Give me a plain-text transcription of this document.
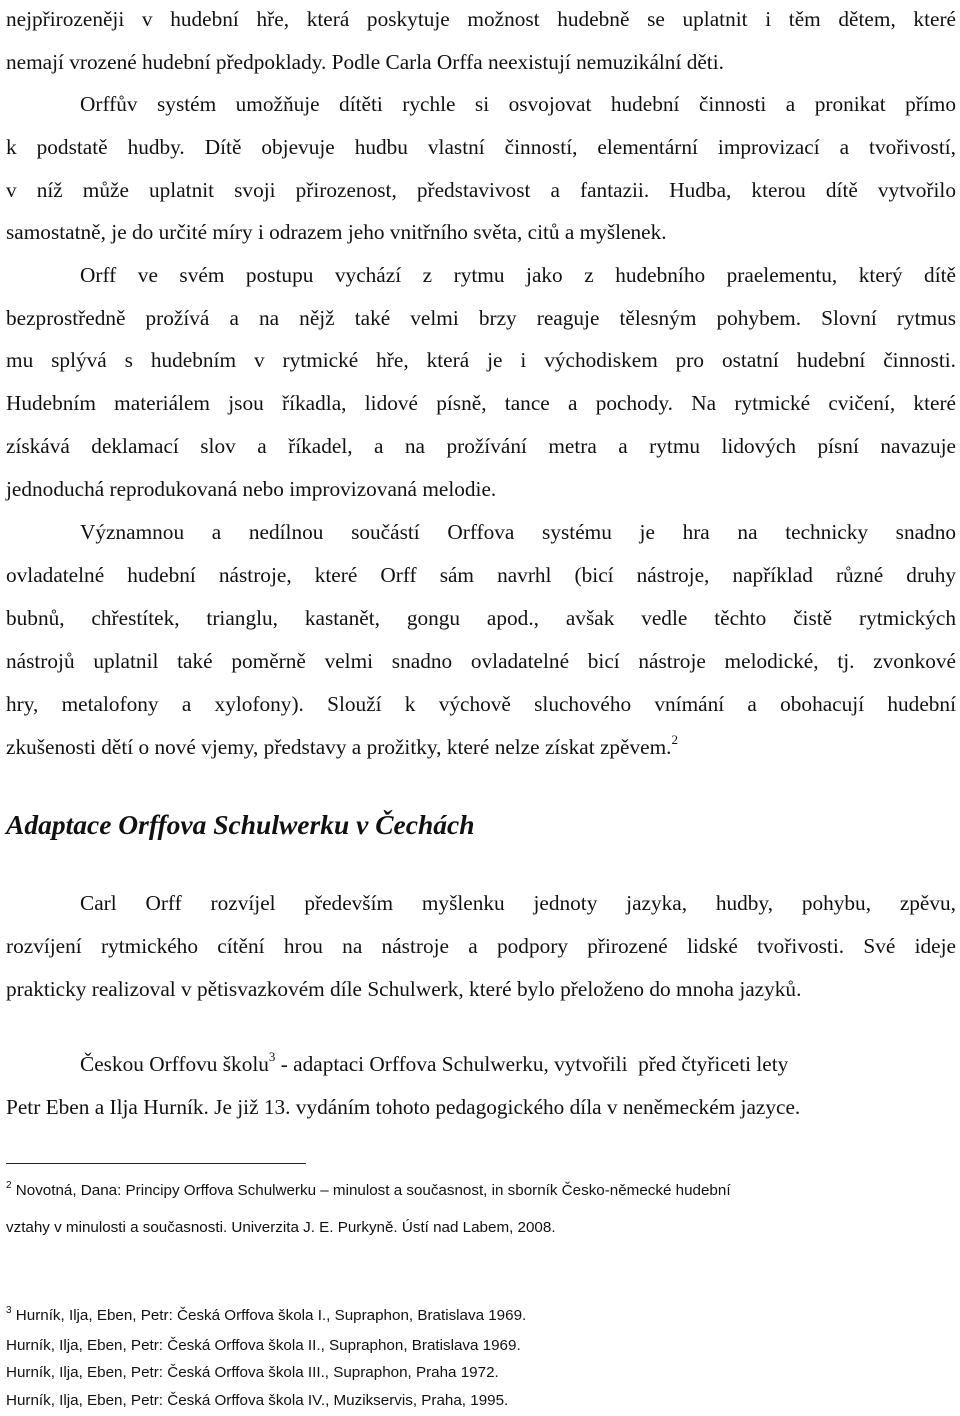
nejpřirozeněji v hudební hře, která poskytuje možnost hudebně se uplatnit i těm dětem, které
nemají vrozené hudební předpoklady. Podle Carla Orffa neexistují nemuzikální děti.
Orffův systém umožňuje dítěti rychle si osvojovat hudební činnosti a pronikat přímo
k podstatě hudby. Dítě objevuje hudbu vlastní činností, elementární improvizací a tvořivostí,
v níž může uplatnit svoji přirozenost, představivost a fantazii. Hudba, kterou dítě vytvořilo
samostatně, je do určité míry i odrazem jeho vnitřního světa, citů a myšlenek.
Orff ve svém postupu vychází z rytmu jako z hudebního praelementu, který dítě
bezprostředně prožívá a na nějž také velmi brzy reaguje tělesným pohybem. Slovní rytmus
mu splývá s hudebním v rytmické hře, která je i východiskem pro ostatní hudební činnosti.
Hudebním materiálem jsou říkadla, lidové písně, tance a pochody. Na rytmické cvičení, které
získává deklamací slov a říkadel, a na prožívání metra a rytmu lidových písní navazuje
jednoduchá reprodukovaná nebo improvizovaná melodie.
Významnou a nedílnou součástí Orffova systému je hra na technicky snadno
ovladatelné hudební nástroje, které Orff sám navrhl (bicí nástroje, například různé druhy
bubnů, chřestítek, trianglu, kastanět, gongu apod., avšak vedle těchto čistě rytmických
nástrojů uplatnil také poměrně velmi snadno ovladatelné bicí nástroje melodické, tj. zvonkové
hry, metalofony a xylofony). Slouží k výchově sluchového vnímání a obohacují hudební
zkušenosti dětí o nové vjemy, představy a prožitky, které nelze získat zpěvem.$^2$
Adaptace Orffova Schulwerku v Čechách
Carl Orff rozvíjel především myšlenku jednoty jazyka, hudby, pohybu, zpěvu,
rozvíjení rytmického cítění hrou na nástroje a podpory přirozené lidské tvořivosti. Své ideje
prakticky realizoval v pětisvazkovém díle Schulwerk, které bylo přeloženo do mnoha jazyků.
Českou Orffovu školu$^3$ - adaptaci Orffova Schulwerku, vytvořili  před čtyřiceti lety
Petr Eben a Ilja Hurník. Je již 13. vydáním tohoto pedagogického díla v neněmeckém jazyce.
$^2$ Novotná, Dana: Principy Orffova Schulwerku – minulost a současnost, in sborník Česko-německé hudební
vztahy v minulosti a současnosti. Univerzita J. E. Purkyně. Ústí nad Labem, 2008.
$^3$ Hurník, Ilja, Eben, Petr: Česká Orffova škola I., Supraphon, Bratislava 1969.
Hurník, Ilja, Eben, Petr: Česká Orffova škola II., Supraphon, Bratislava 1969.
Hurník, Ilja, Eben, Petr: Česká Orffova škola III., Supraphon, Praha 1972.
Hurník, Ilja, Eben, Petr: Česká Orffova škola IV., Muzikservis, Praha, 1995.
